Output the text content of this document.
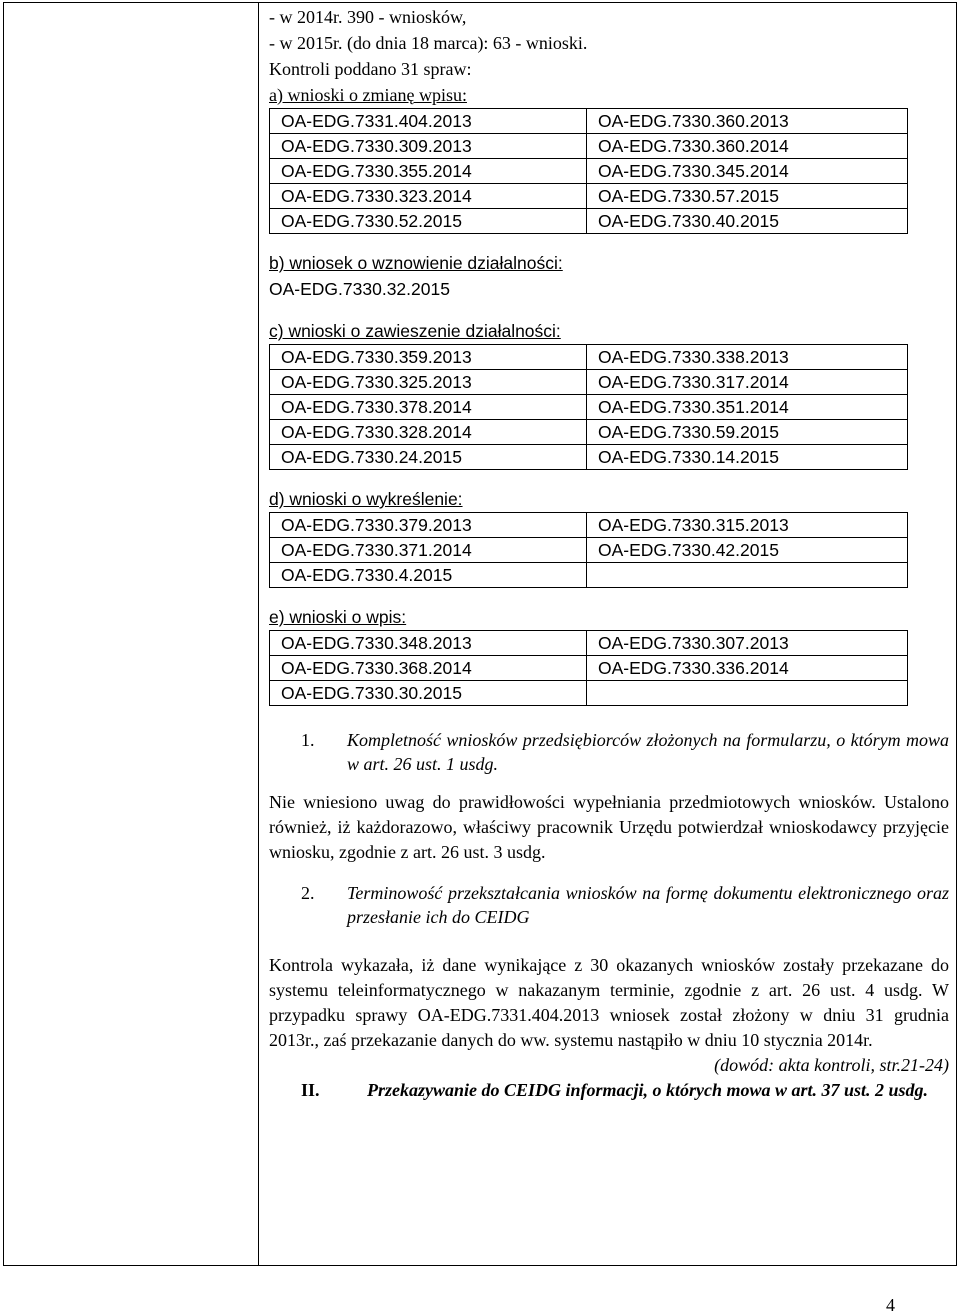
- w 2014r. 390 - wniosków,
- w 2015r. (do dnia 18 marca): 63 - wnioski.
Kontroli poddano 31 spraw:
a) wnioski o zmianę wpisu:
OA-EDG.7331.404.2013	OA-EDG.7330.360.2013
OA-EDG.7330.309.2013	OA-EDG.7330.360.2014
OA-EDG.7330.355.2014	OA-EDG.7330.345.2014
OA-EDG.7330.323.2014	OA-EDG.7330.57.2015
OA-EDG.7330.52.2015	OA-EDG.7330.40.2015
b) wniosek o wznowienie działalności:
OA-EDG.7330.32.2015
c) wnioski o zawieszenie działalności:
OA-EDG.7330.359.2013	OA-EDG.7330.338.2013
OA-EDG.7330.325.2013	OA-EDG.7330.317.2014
OA-EDG.7330.378.2014	OA-EDG.7330.351.2014
OA-EDG.7330.328.2014	OA-EDG.7330.59.2015
OA-EDG.7330.24.2015	OA-EDG.7330.14.2015
d) wnioski o wykreślenie:
OA-EDG.7330.379.2013	OA-EDG.7330.315.2013
OA-EDG.7330.371.2014	OA-EDG.7330.42.2015
OA-EDG.7330.4.2015	
e) wnioski o wpis:
OA-EDG.7330.348.2013	OA-EDG.7330.307.2013
OA-EDG.7330.368.2014	OA-EDG.7330.336.2014
OA-EDG.7330.30.2015	
1.	Kompletność wniosków przedsiębiorców złożonych na formularzu, o którym mowa w art. 26 ust. 1 usdg.
Nie wniesiono uwag do prawidłowości wypełniania przedmiotowych wniosków. Ustalono również, iż każdorazowo, właściwy pracownik Urzędu potwierdzał wnioskodawcy przyjęcie wniosku, zgodnie z art. 26 ust. 3 usdg.
2.	Terminowość przekształcania wniosków na formę dokumentu elektronicznego oraz przesłanie ich do CEIDG
Kontrola wykazała, iż dane wynikające z 30 okazanych wniosków zostały przekazane do systemu teleinformatycznego w nakazanym terminie, zgodnie z art. 26 ust. 4 usdg. W przypadku sprawy OA-EDG.7331.404.2013 wniosek został złożony w dniu 31 grudnia 2013r., zaś przekazanie danych do ww. systemu nastąpiło w dniu 10 stycznia 2014r.
(dowód: akta kontroli, str.21-24)
II.	Przekazywanie do CEIDG informacji, o których mowa w art. 37 ust. 2 usdg.
4
